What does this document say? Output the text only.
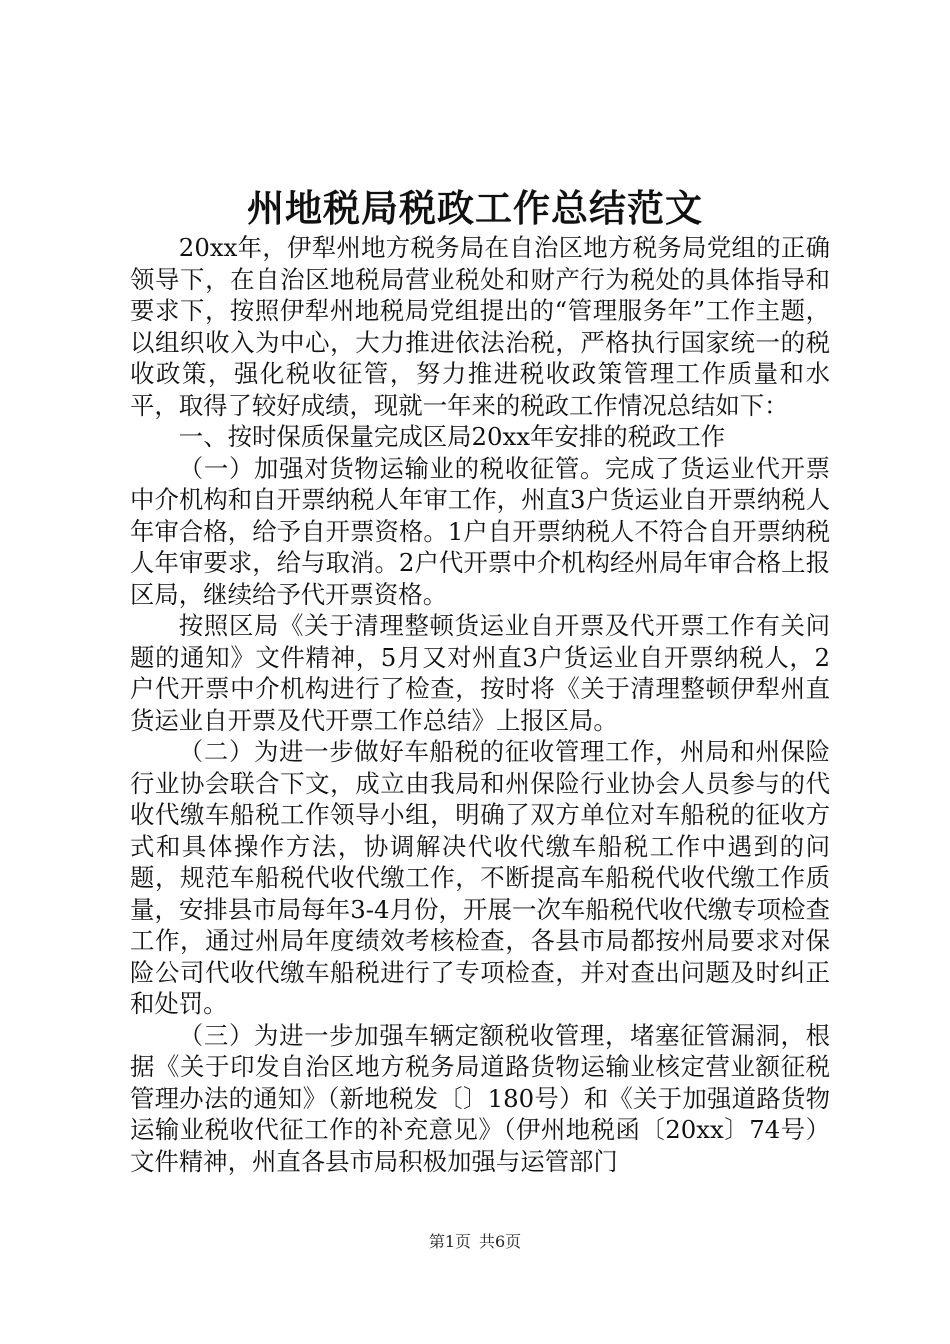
州地税局税政工作总结范文

20xx年，伊犁州地方税务局在自治区地方税务局党组的正确领导下，在自治区地税局营业税处和财产行为税处的具体指导和要求下，按照伊犁州地税局党组提出的“管理服务年”工作主题，以组织收入为中心，大力推进依法治税，严格执行国家统一的税收政策，强化税收征管，努力推进税收政策管理工作质量和水平，取得了较好成绩，现就一年来的税政工作情况总结如下：

一、按时保质保量完成区局20xx年安排的税政工作

（一）加强对货物运输业的税收征管。完成了货运业代开票中介机构和自开票纳税人年审工作，州直3户货运业自开票纳税人年审合格，给予自开票资格。1户自开票纳税人不符合自开票纳税人年审要求，给与取消。2户代开票中介机构经州局年审合格上报区局，继续给予代开票资格。

按照区局《关于清理整顿货运业自开票及代开票工作有关问题的通知》文件精神，5月又对州直3户货运业自开票纳税人，2户代开票中介机构进行了检查，按时将《关于清理整顿伊犁州直货运业自开票及代开票工作总结》上报区局。

（二）为进一步做好车船税的征收管理工作，州局和州保险行业协会联合下文，成立由我局和州保险行业协会人员参与的代收代缴车船税工作领导小组，明确了双方单位对车船税的征收方式和具体操作方法，协调解决代收代缴车船税工作中遇到的问题，规范车船税代收代缴工作，不断提高车船税代收代缴工作质量，安排县市局每年3-4月份，开展一次车船税代收代缴专项检查工作，通过州局年度绩效考核检查，各县市局都按州局要求对保险公司代收代缴车船税进行了专项检查，并对查出问题及时纠正和处罚。

（三）为进一步加强车辆定额税收管理，堵塞征管漏洞，根据《关于印发自治区地方税务局道路货物运输业核定营业额征税管理办法的通知》（新地税发〔〕180号）和《关于加强道路货物运输业税收代征工作的补充意见》（伊州地税函〔20xx〕74号）文件精神，州直各县市局积极加强与运管部门

第1页 共6页
